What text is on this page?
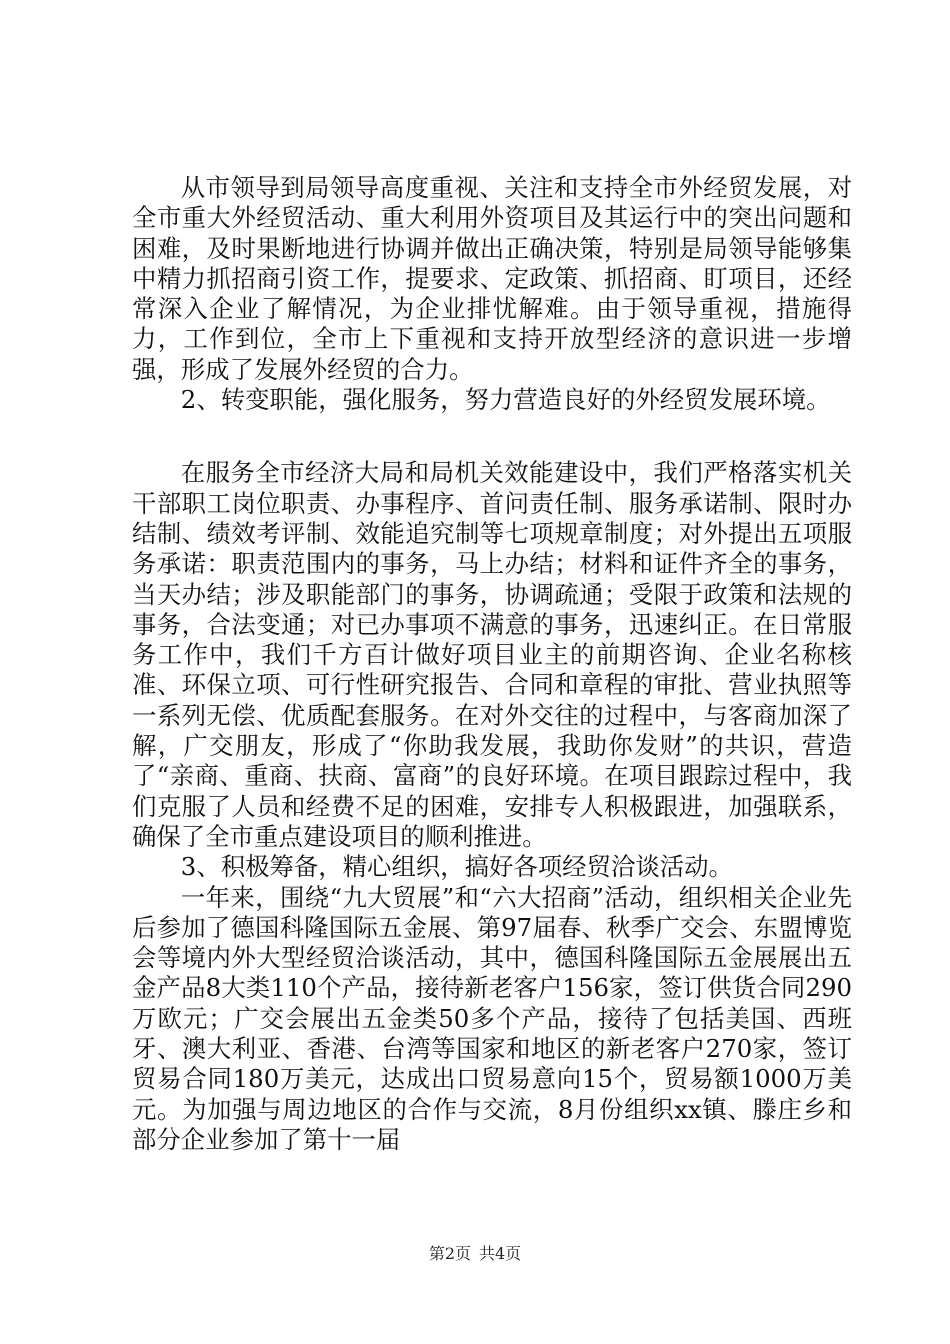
从市领导到局领导高度重视、关注和支持全市外经贸发展，对全市重大外经贸活动、重大利用外资项目及其运行中的突出问题和困难，及时果断地进行协调并做出正确决策，特别是局领导能够集中精力抓招商引资工作，提要求、定政策、抓招商、盯项目，还经常深入企业了解情况，为企业排忧解难。由于领导重视，措施得力，工作到位，全市上下重视和支持开放型经济的意识进一步增强，形成了发展外经贸的合力。

2、转变职能，强化服务，努力营造良好的外经贸发展环境。

在服务全市经济大局和局机关效能建设中，我们严格落实机关干部职工岗位职责、办事程序、首问责任制、服务承诺制、限时办结制、绩效考评制、效能追究制等七项规章制度；对外提出五项服务承诺：职责范围内的事务，马上办结；材料和证件齐全的事务，当天办结；涉及职能部门的事务，协调疏通；受限于政策和法规的事务，合法变通；对已办事项不满意的事务，迅速纠正。在日常服务工作中，我们千方百计做好项目业主的前期咨询、企业名称核准、环保立项、可行性研究报告、合同和章程的审批、营业执照等一系列无偿、优质配套服务。在对外交往的过程中，与客商加深了解，广交朋友，形成了“你助我发展，我助你发财”的共识，营造了“亲商、重商、扶商、富商”的良好环境。在项目跟踪过程中，我们克服了人员和经费不足的困难，安排专人积极跟进，加强联系，确保了全市重点建设项目的顺利推进。

3、积极筹备，精心组织，搞好各项经贸洽谈活动。

一年来，围绕“九大贸展”和“六大招商”活动，组织相关企业先后参加了德国科隆国际五金展、第97届春、秋季广交会、东盟博览会等境内外大型经贸洽谈活动，其中，德国科隆国际五金展展出五金产品8大类110个产品，接待新老客户156家，签订供货合同290万欧元；广交会展出五金类50多个产品，接待了包括美国、西班牙、澳大利亚、香港、台湾等国家和地区的新老客户270家，签订贸易合同180万美元，达成出口贸易意向15个，贸易额1000万美元。为加强与周边地区的合作与交流，8月份组织xx镇、滕庄乡和部分企业参加了第十一届

第2页 共4页
